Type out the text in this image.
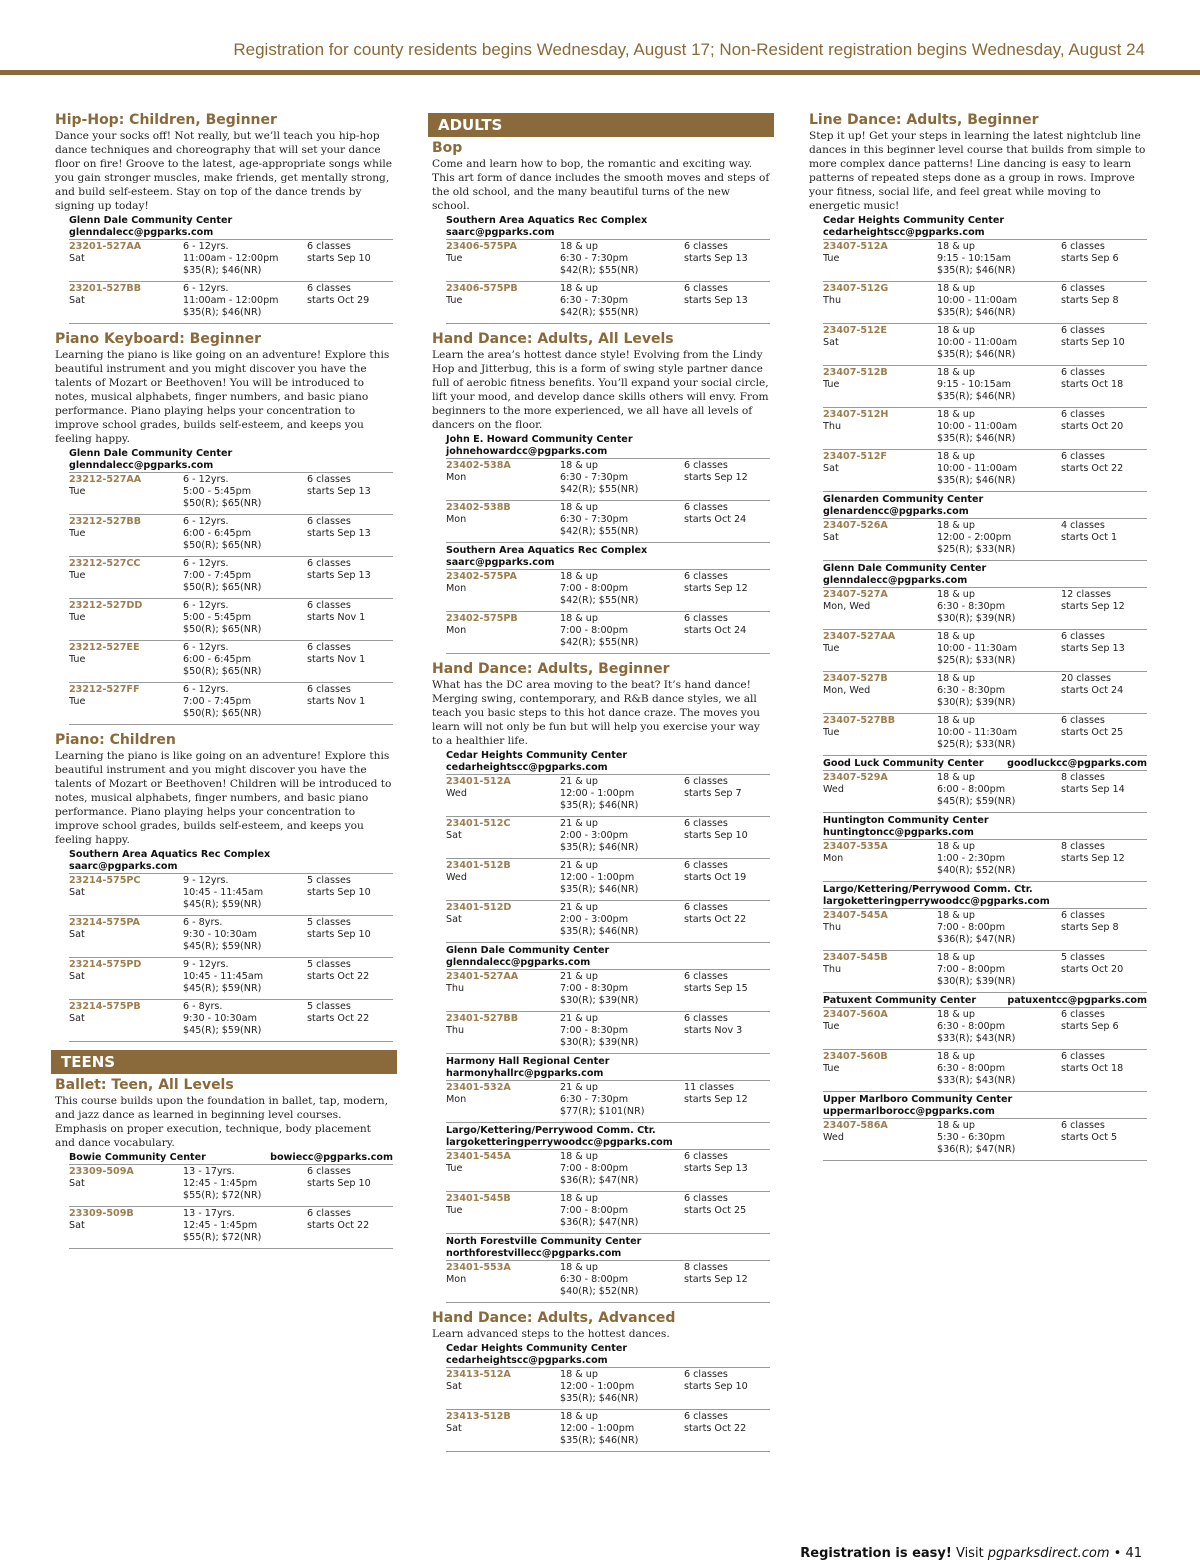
Registration for county residents begins Wednesday, August 17; Non-Resident registration begins Wednesday, August 24
Hip-Hop: Children, Beginner
Dance your socks off! Not really, but we’ll teach you hip-hop dance techniques and choreography that will set your dance floor on fire! Groove to the latest, age-appropriate songs while you gain stronger muscles, make friends, get mentally strong, and build self-esteem. Stay on top of the dance trends by signing up today!
Glenn Dale Community Center
glenndalecc@pgparks.com
23201-527AA
Sat
6 - 12yrs.
11:00am - 12:00pm
$35(R); $46(NR)
6 classes
starts Sep 10
23201-527BB
Sat
6 - 12yrs.
11:00am - 12:00pm
$35(R); $46(NR)
6 classes
starts Oct 29
Piano Keyboard: Beginner
Learning the piano is like going on an adventure! Explore this beautiful instrument and you might discover you have the talents of Mozart or Beethoven! You will be introduced to notes, musical alphabets, finger numbers, and basic piano performance. Piano playing helps your concentration to improve school grades, builds self-esteem, and keeps you feeling happy.
Glenn Dale Community Center
glenndalecc@pgparks.com
23212-527AA
Tue
6 - 12yrs.
5:00 - 5:45pm
$50(R); $65(NR)
6 classes
starts Sep 13
23212-527BB
Tue
6 - 12yrs.
6:00 - 6:45pm
$50(R); $65(NR)
6 classes
starts Sep 13
23212-527CC
Tue
6 - 12yrs.
7:00 - 7:45pm
$50(R); $65(NR)
6 classes
starts Sep 13
23212-527DD
Tue
6 - 12yrs.
5:00 - 5:45pm
$50(R); $65(NR)
6 classes
starts Nov 1
23212-527EE
Tue
6 - 12yrs.
6:00 - 6:45pm
$50(R); $65(NR)
6 classes
starts Nov 1
23212-527FF
Tue
6 - 12yrs.
7:00 - 7:45pm
$50(R); $65(NR)
6 classes
starts Nov 1
Piano: Children
Learning the piano is like going on an adventure! Explore this beautiful instrument and you might discover you have the talents of Mozart or Beethoven! Children will be introduced to notes, musical alphabets, finger numbers, and basic piano performance. Piano playing helps your concentration to improve school grades, builds self-esteem, and keeps you feeling happy.
Southern Area Aquatics Rec Complex
saarc@pgparks.com
23214-575PC
Sat
9 - 12yrs.
10:45 - 11:45am
$45(R); $59(NR)
5 classes
starts Sep 10
23214-575PA
Sat
6 - 8yrs.
9:30 - 10:30am
$45(R); $59(NR)
5 classes
starts Sep 10
23214-575PD
Sat
9 - 12yrs.
10:45 - 11:45am
$45(R); $59(NR)
5 classes
starts Oct 22
23214-575PB
Sat
6 - 8yrs.
9:30 - 10:30am
$45(R); $59(NR)
5 classes
starts Oct 22
TEENS
Ballet: Teen, All Levels
This course builds upon the foundation in ballet, tap, modern, and jazz dance as learned in beginning level courses. Emphasis on proper execution, technique, body placement and dance vocabulary.
Bowie Community Center	bowiecc@pgparks.com
23309-509A
Sat
13 - 17yrs.
12:45 - 1:45pm
$55(R); $72(NR)
6 classes
starts Sep 10
23309-509B
Sat
13 - 17yrs.
12:45 - 1:45pm
$55(R); $72(NR)
6 classes
starts Oct 22
ADULTS
Bop
Come and learn how to bop, the romantic and exciting way. This art form of dance includes the smooth moves and steps of the old school, and the many beautiful turns of the new school.
Southern Area Aquatics Rec Complex
saarc@pgparks.com
23406-575PA
Tue
18 & up
6:30 - 7:30pm
$42(R); $55(NR)
6 classes
starts Sep 13
23406-575PB
Tue
18 & up
6:30 - 7:30pm
$42(R); $55(NR)
6 classes
starts Sep 13
Hand Dance: Adults, All Levels
Learn the area’s hottest dance style! Evolving from the Lindy Hop and Jitterbug, this is a form of swing style partner dance full of aerobic fitness benefits. You’ll expand your social circle, lift your mood, and develop dance skills others will envy. From beginners to the more experienced, we all have all levels of dancers on the floor.
John E. Howard Community Center
johnehowardcc@pgparks.com
23402-538A
Mon
18 & up
6:30 - 7:30pm
$42(R); $55(NR)
6 classes
starts Sep 12
23402-538B
Mon
18 & up
6:30 - 7:30pm
$42(R); $55(NR)
6 classes
starts Oct 24
Southern Area Aquatics Rec Complex
saarc@pgparks.com
23402-575PA
Mon
18 & up
7:00 - 8:00pm
$42(R); $55(NR)
6 classes
starts Sep 12
23402-575PB
Mon
18 & up
7:00 - 8:00pm
$42(R); $55(NR)
6 classes
starts Oct 24
Hand Dance: Adults, Beginner
What has the DC area moving to the beat? It’s hand dance! Merging swing, contemporary, and R&B dance styles, we all teach you basic steps to this hot dance craze. The moves you learn will not only be fun but will help you exercise your way to a healthier life.
Cedar Heights Community Center
cedarheightscc@pgparks.com
23401-512A
Wed
21 & up
12:00 - 1:00pm
$35(R); $46(NR)
6 classes
starts Sep 7
23401-512C
Sat
21 & up
2:00 - 3:00pm
$35(R); $46(NR)
6 classes
starts Sep 10
23401-512B
Wed
21 & up
12:00 - 1:00pm
$35(R); $46(NR)
6 classes
starts Oct 19
23401-512D
Sat
21 & up
2:00 - 3:00pm
$35(R); $46(NR)
6 classes
starts Oct 22
Glenn Dale Community Center
glenndalecc@pgparks.com
23401-527AA
Thu
21 & up
7:00 - 8:30pm
$30(R); $39(NR)
6 classes
starts Sep 15
23401-527BB
Thu
21 & up
7:00 - 8:30pm
$30(R); $39(NR)
6 classes
starts Nov 3
Harmony Hall Regional Center
harmonyhallrc@pgparks.com
23401-532A
Mon
21 & up
6:30 - 7:30pm
$77(R); $101(NR)
11 classes
starts Sep 12
Largo/Kettering/Perrywood Comm. Ctr.
largoketteringperrywoodcc@pgparks.com
23401-545A
Tue
18 & up
7:00 - 8:00pm
$36(R); $47(NR)
6 classes
starts Sep 13
23401-545B
Tue
18 & up
7:00 - 8:00pm
$36(R); $47(NR)
6 classes
starts Oct 25
North Forestville Community Center
northforestvillecc@pgparks.com
23401-553A
Mon
18 & up
6:30 - 8:00pm
$40(R); $52(NR)
8 classes
starts Sep 12
Hand Dance: Adults, Advanced
Learn advanced steps to the hottest dances.
Cedar Heights Community Center
cedarheightscc@pgparks.com
23413-512A
Sat
18 & up
12:00 - 1:00pm
$35(R); $46(NR)
6 classes
starts Sep 10
23413-512B
Sat
18 & up
12:00 - 1:00pm
$35(R); $46(NR)
6 classes
starts Oct 22
Line Dance: Adults, Beginner
Step it up! Get your steps in learning the latest nightclub line dances in this beginner level course that builds from simple to more complex dance patterns! Line dancing is easy to learn patterns of repeated steps done as a group in rows. Improve your fitness, social life, and feel great while moving to energetic music!
Cedar Heights Community Center
cedarheightscc@pgparks.com
23407-512A
Tue
18 & up
9:15 - 10:15am
$35(R); $46(NR)
6 classes
starts Sep 6
23407-512G
Thu
18 & up
10:00 - 11:00am
$35(R); $46(NR)
6 classes
starts Sep 8
23407-512E
Sat
18 & up
10:00 - 11:00am
$35(R); $46(NR)
6 classes
starts Sep 10
23407-512B
Tue
18 & up
9:15 - 10:15am
$35(R); $46(NR)
6 classes
starts Oct 18
23407-512H
Thu
18 & up
10:00 - 11:00am
$35(R); $46(NR)
6 classes
starts Oct 20
23407-512F
Sat
18 & up
10:00 - 11:00am
$35(R); $46(NR)
6 classes
starts Oct 22
Glenarden Community Center
glenardencc@pgparks.com
23407-526A
Sat
18 & up
12:00 - 2:00pm
$25(R); $33(NR)
4 classes
starts Oct 1
Glenn Dale Community Center
glenndalecc@pgparks.com
23407-527A
Mon, Wed
18 & up
6:30 - 8:30pm
$30(R); $39(NR)
12 classes
starts Sep 12
23407-527AA
Tue
18 & up
10:00 - 11:30am
$25(R); $33(NR)
6 classes
starts Sep 13
23407-527B
Mon, Wed
18 & up
6:30 - 8:30pm
$30(R); $39(NR)
20 classes
starts Oct 24
23407-527BB
Tue
18 & up
10:00 - 11:30am
$25(R); $33(NR)
6 classes
starts Oct 25
Good Luck Community Center goodluckcc@pgparks.com
23407-529A
Wed
18 & up
6:00 - 8:00pm
$45(R); $59(NR)
8 classes
starts Sep 14
Huntington Community Center
huntingtoncc@pgparks.com
23407-535A
Mon
18 & up
1:00 - 2:30pm
$40(R); $52(NR)
8 classes
starts Sep 12
Largo/Kettering/Perrywood Comm. Ctr.
largoketteringperrywoodcc@pgparks.com
23407-545A
Thu
18 & up
7:00 - 8:00pm
$36(R); $47(NR)
6 classes
starts Sep 8
23407-545B
Thu
18 & up
7:00 - 8:00pm
$30(R); $39(NR)
5 classes
starts Oct 20
Patuxent Community Center	patuxentcc@pgparks.com
23407-560A
Tue
18 & up
6:30 - 8:00pm
$33(R); $43(NR)
6 classes
starts Sep 6
23407-560B
Tue
18 & up
6:30 - 8:00pm
$33(R); $43(NR)
6 classes
starts Oct 18
Upper Marlboro Community Center
uppermarlborocc@pgparks.com
23407-586A
Wed
18 & up
5:30 - 6:30pm
$36(R); $47(NR)
6 classes
starts Oct 5
Registration is easy! Visit pgparksdirect.com • 41
